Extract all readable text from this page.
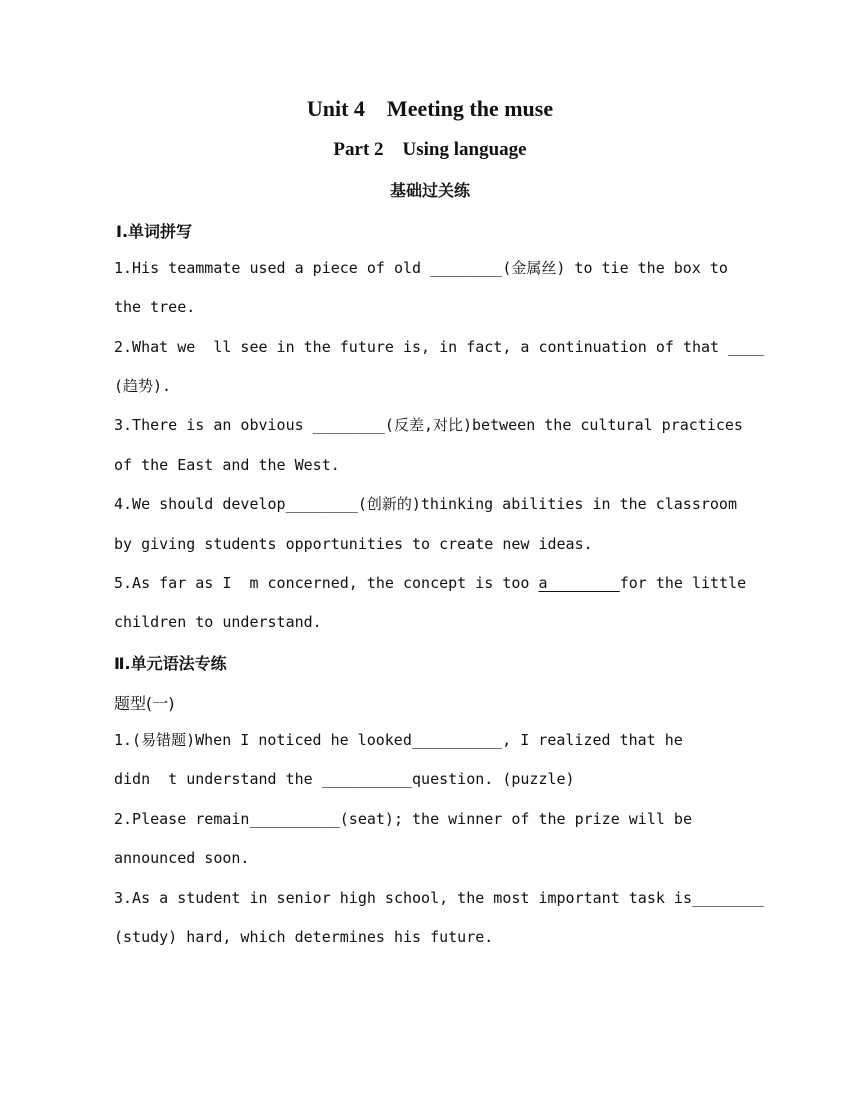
Unit 4 Meeting the muse
Part 2 Using language
基础过关练
Ⅰ.单词拼写
1.His teammate used a piece of old ________(金属丝) to tie the box to
the tree.
2.What we  ll see in the future is, in fact, a continuation of that ____
(趋势).
3.There is an obvious ________(反差,对比)between the cultural practices
of the East and the West.
4.We should develop________(创新的)thinking abilities in the classroom
by giving students opportunities to create new ideas.
5.As far as I  m concerned, the concept is too a________for the little
children to understand.
Ⅱ.单元语法专练
题型(一)
1.(易错题)When I noticed he looked__________, I realized that he
didn  t understand the __________question. (puzzle)
2.Please remain__________(seat); the winner of the prize will be
announced soon.
3.As a student in senior high school, the most important task is________
(study) hard, which determines his future.
